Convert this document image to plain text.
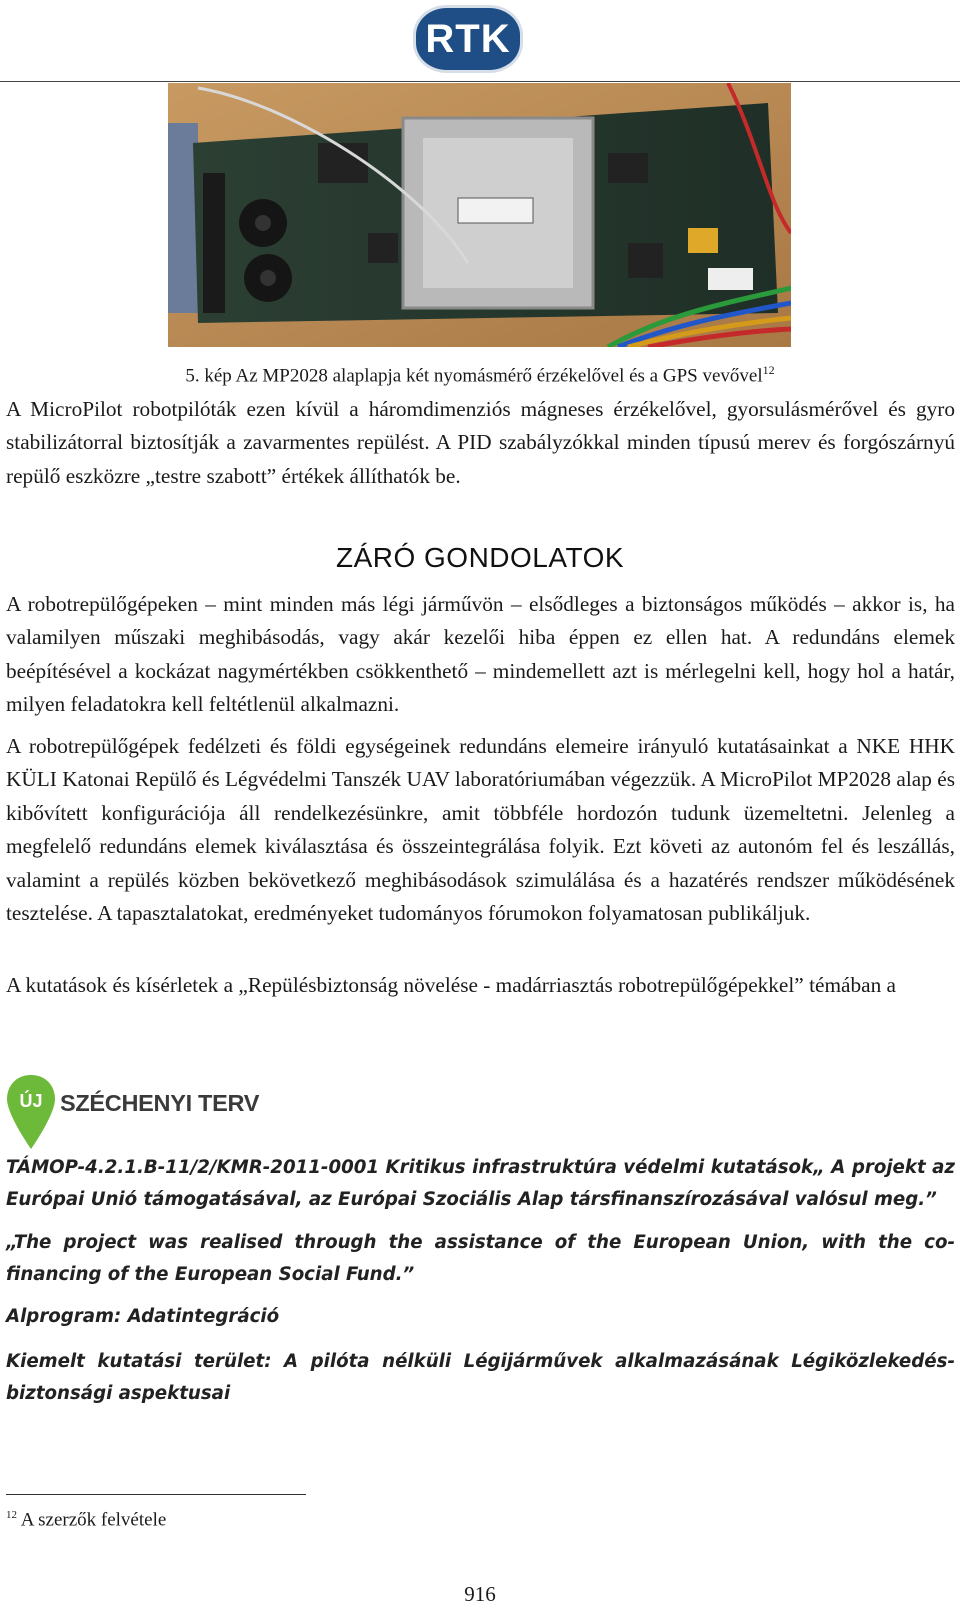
RTK
5. kép Az MP2028 alaplapja két nyomásmérő érzékelővel és a GPS vevővel$^{12}$

A MicroPilot robotpilóták ezen kívül a háromdimenziós mágneses érzékelővel, gyorsulásmérővel és gyro stabilizátorral biztosítják a zavarmentes repülést. A PID szabályzókkal minden típusú merev és forgószárnyú repülő eszközre „testre szabott” értékek állíthatók be.

ZÁRÓ GONDOLATOK

A robotrepülőgépeken – mint minden más légi járművön – elsődleges a biztonságos működés – akkor is, ha valamilyen műszaki meghibásodás, vagy akár kezelői hiba éppen ez ellen hat. A redundáns elemek beépítésével a kockázat nagymértékben csökkenthető – mindemellett azt is mérlegelni kell, hogy hol a határ, milyen feladatokra kell feltétlenül alkalmazni.

A robotrepülőgépek fedélzeti és földi egységeinek redundáns elemeire irányuló kutatásainkat a NKE HHK KÜLI Katonai Repülő és Légvédelmi Tanszék UAV laboratóriumában végezzük. A MicroPilot MP2028 alap és kibővített konfigurációja áll rendelkezésünkre, amit többféle hordozón tudunk üzemeltetni. Jelenleg a megfelelő redundáns elemek kiválasztása és összeintegrálása folyik. Ezt követi az autonóm fel és leszállás, valamint a repülés közben bekövetkező meghibásodások szimulálása és a hazatérés rendszer működésének tesztelése. A tapasztalatokat, eredményeket tudományos fórumokon folyamatosan publikáljuk.

A kutatások és kísérletek a „Repülésbiztonság növelése - madárriasztás robotrepülőgépekkel” témában a

ÚJ SZÉCHENYI TERV

TÁMOP-4.2.1.B-11/2/KMR-2011-0001 Kritikus infrastruktúra védelmi kutatások„ A projekt az Európai Unió támogatásával, az Európai Szociális Alap társfinanszírozásával valósul meg.”

„The project was realised through the assistance of the European Union, with the co-financing of the European Social Fund.”

Alprogram: Adatintegráció

Kiemelt kutatási terület: A pilóta nélküli Légijárművek alkalmazásának Légiközlekedés-biztonsági aspektusai

$^{12}$ A szerzők felvétele
916
